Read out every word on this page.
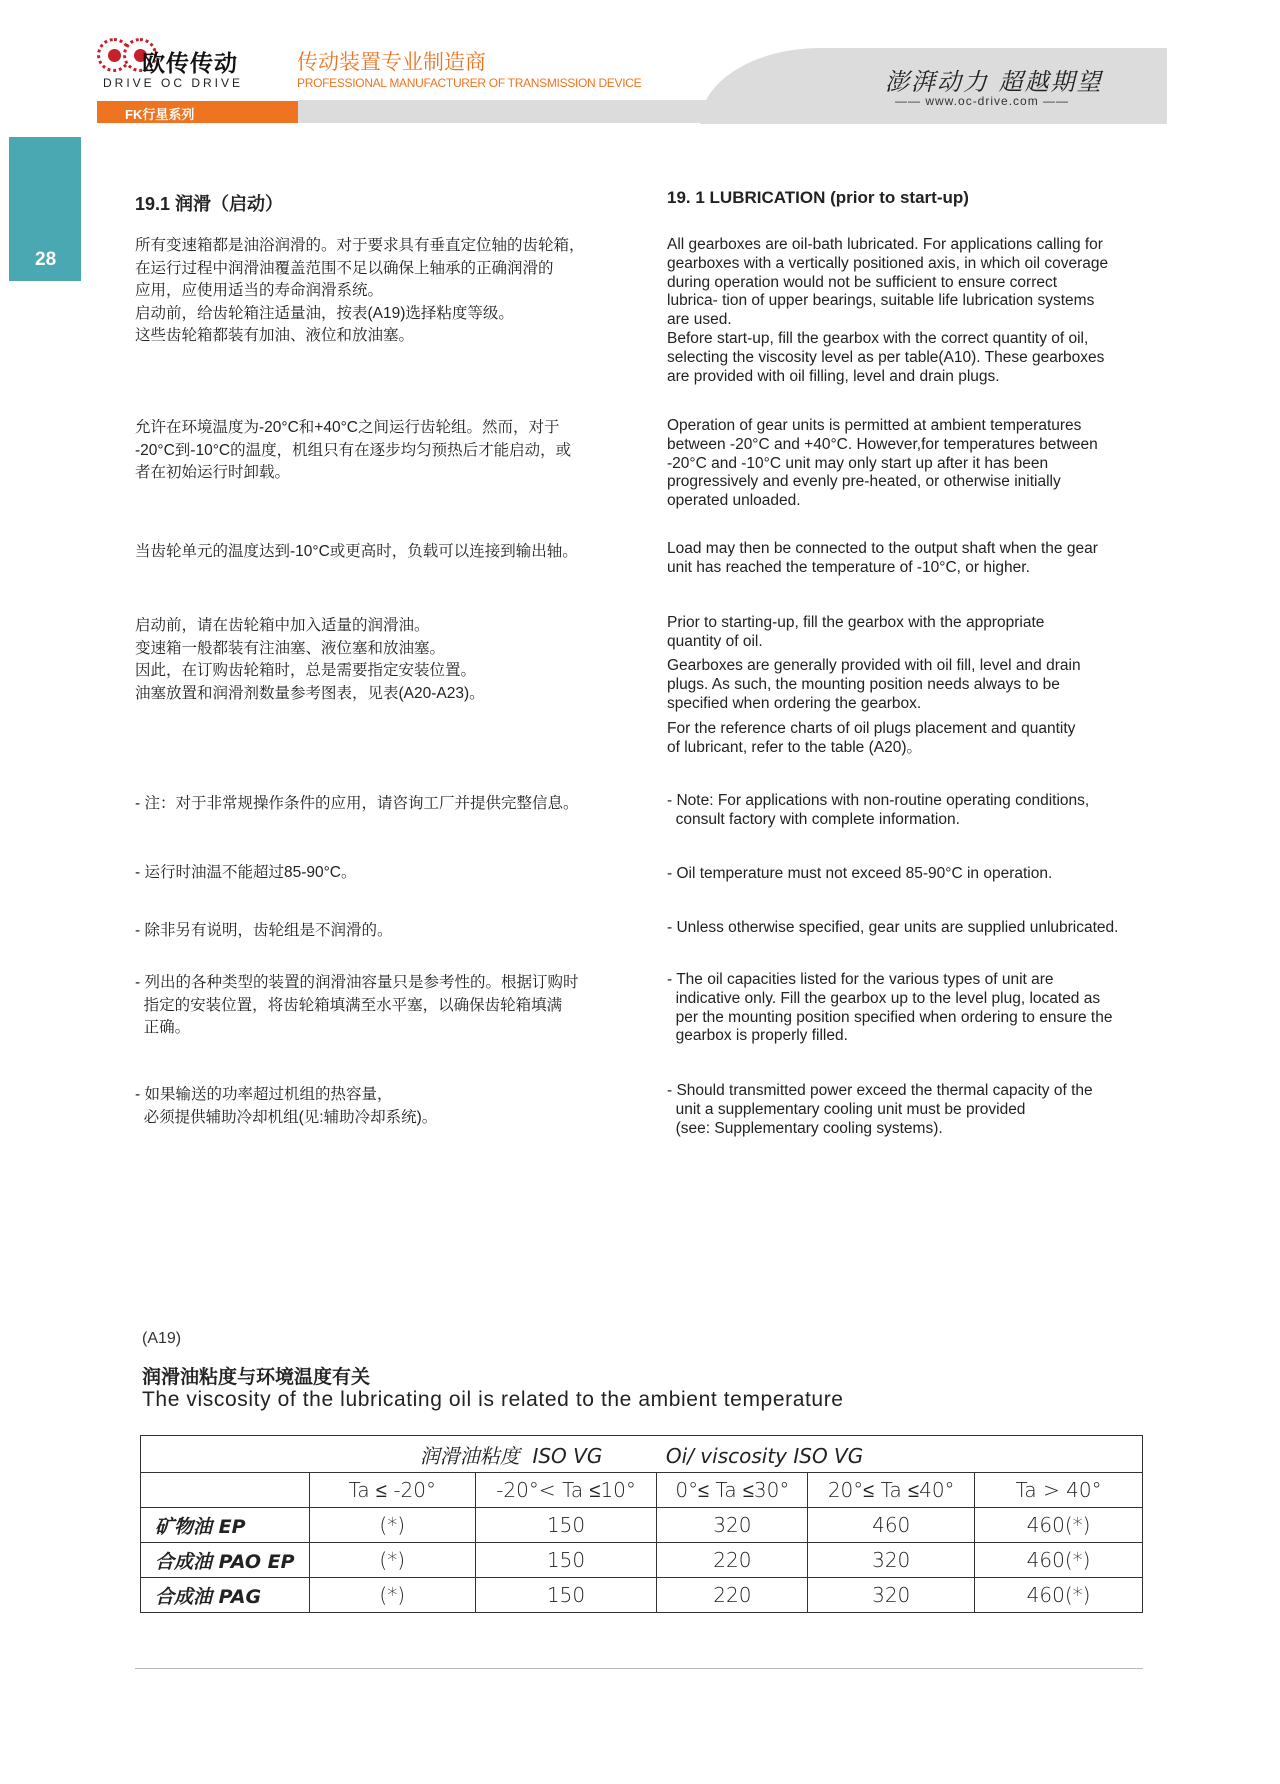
欧传传动
DRIVE OC DRIVE
传动装置专业制造商
PROFESSIONAL MANUFACTURER OF TRANSMISSION DEVICE	澎湃动力 超越期望
—— www.oc-drive.com ——
FK行星系列
28
19.1 润滑（启动）	19. 1 LUBRICATION (prior to start-up)
所有变速箱都是油浴润滑的。对于要求具有垂直定位轴的齿轮箱，
在运行过程中润滑油覆盖范围不足以确保上轴承的正确润滑的
应用，应使用适当的寿命润滑系统。
启动前，给齿轮箱注适量油，按表(A19)选择粘度等级。
这些齿轮箱都装有加油、液位和放油塞。
允许在环境温度为-20°C和+40°C之间运行齿轮组。然而，对于
-20°C到-10°C的温度，机组只有在逐步均匀预热后才能启动，或
者在初始运行时卸载。
当齿轮单元的温度达到-10°C或更高时，负载可以连接到输出轴。
启动前，请在齿轮箱中加入适量的润滑油。
变速箱一般都装有注油塞、液位塞和放油塞。
因此，在订购齿轮箱时，总是需要指定安装位置。
油塞放置和润滑剂数量参考图表，见表(A20-A23)。
- 注：对于非常规操作条件的应用，请咨询工厂并提供完整信息。
- 运行时油温不能超过85-90°C。
- 除非另有说明，齿轮组是不润滑的。
- 列出的各种类型的装置的润滑油容量只是参考性的。根据订购时
指定的安装位置，将齿轮箱填满至水平塞，以确保齿轮箱填满
正确。
- 如果输送的功率超过机组的热容量，
必须提供辅助冷却机组(见:辅助冷却系统)。
All gearboxes are oil-bath lubricated. For applications calling for
gearboxes with a vertically positioned axis, in which oil coverage
during operation would not be sufficient to ensure correct
lubrica- tion of upper bearings, suitable life lubrication systems
are used.
Before start-up, fill the gearbox with the correct quantity of oil,
selecting the viscosity level as per table(A10). These gearboxes
are provided with oil filling, level and drain plugs.
Operation of gear units is permitted at ambient temperatures
between -20°C and +40°C. However,for temperatures between
-20°C and -10°C unit may only start up after it has been
progressively and evenly pre-heated, or otherwise initially
operated unloaded.
Load may then be connected to the output shaft when the gear
unit has reached the temperature of -10°C, or higher.
Prior to starting-up, fill the gearbox with the appropriate
quantity of oil.
Gearboxes are generally provided with oil fill, level and drain
plugs. As such, the mounting position needs always to be
specified when ordering the gearbox.
For the reference charts of oil plugs placement and quantity
of lubricant, refer to the table (A20)。
- Note: For applications with non-routine operating conditions,
consult factory with complete information.
- Oil temperature must not exceed 85-90°C in operation.
- Unless otherwise specified, gear units are supplied unlubricated.
- The oil capacities listed for the various types of unit are
indicative only. Fill the gearbox up to the level plug, located as
per the mounting position specified when ordering to ensure the
gearbox is properly filled.
- Should transmitted power exceed the thermal capacity of the
unit a supplementary cooling unit must be provided
(see: Supplementary cooling systems).
(A19)
润滑油粘度与环境温度有关
The viscosity of the lubricating oil is related to the ambient temperature
润滑油粘度  ISO VG          Oi/ viscosity ISO VG					
	Ta ≤ -20°	-20°< Ta ≤10°	0°≤ Ta ≤30°	20°≤ Ta ≤40°	Ta > 40°
矿物油 EP	(*)	150	320	460	460(*)
合成油 PAO EP	(*)	150	220	320	460(*)
合成油 PAG	(*)	150	220	320	460(*)
